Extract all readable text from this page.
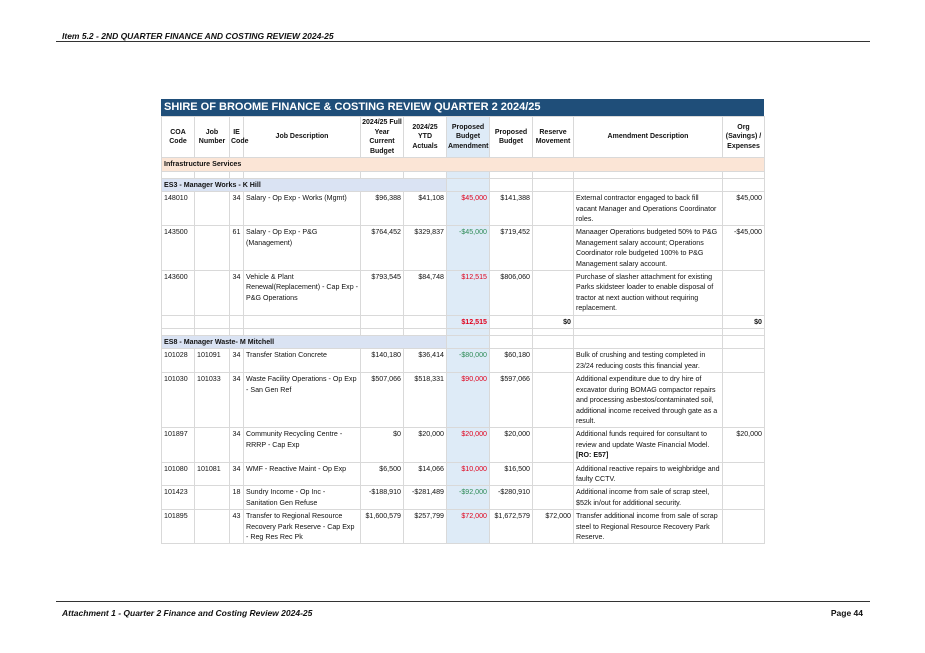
Item 5.2 - 2ND QUARTER FINANCE AND COSTING REVIEW 2024-25
SHIRE OF BROOME FINANCE & COSTING REVIEW QUARTER 2 2024/25
COA Code	Job Number	IE Code	Job Description	2024/25 Full Year Current Budget	2024/25 YTD Actuals	Proposed Budget Amendment	Proposed Budget	Reserve Movement	Amendment Description	Org (Savings) / Expenses
Infrastructure Services										

ES3 - Manager Works - K Hill										
148010		34	Salary - Op Exp - Works (Mgmt)	$96,388	$41,108	$45,000	$141,388		External contractor engaged to back fill vacant Manager and Operations Coordinator roles.	$45,000
143500		61	Salary - Op Exp - P&G (Management)	$764,452	$329,837	-$45,000	$719,452		Manaager Operations budgeted 50% to P&G Management salary account; Operations Coordinator role budgeted 100% to P&G Management salary account.	-$45,000
143600		34	Vehicle & Plant Renewal(Replacement) - Cap Exp - P&G Operations	$793,545	$84,748	$12,515	$806,060		Purchase of slasher attachment for existing Parks skidsteer loader to enable disposal of tractor at next auction without requiring replacement.	
						$12,515		$0		$0

ES8 - Manager Waste- M Mitchell										
101028	101091	34	Transfer Station Concrete	$140,180	$36,414	-$80,000	$60,180		Bulk of crushing and testing completed in 23/24 reducing costs this financial year.	
101030	101033	34	Waste Facility Operations - Op Exp - San Gen Ref	$507,066	$518,331	$90,000	$597,066		Additional expenditure due to dry hire of excavator during BOMAG compactor repairs and processing asbestos/contaminated soil, additional income received through gate as a result.	
101897		34	Community Recycling Centre - RRRP - Cap Exp	$0	$20,000	$20,000	$20,000		Additional funds required for consultant to review and update Waste Financial Model. [RO: E57]	$20,000
101080	101081	34	WMF - Reactive Maint - Op Exp	$6,500	$14,066	$10,000	$16,500		Additional reactive repairs to weighbridge and faulty CCTV.	
101423		18	Sundry Income - Op Inc - Sanitation Gen Refuse	-$188,910	-$281,489	-$92,000	-$280,910		Additional income from sale of scrap steel, $52k in/out for additional security.	
101895		43	Transfer to Regional Resource Recovery Park Reserve - Cap Exp - Reg Res Rec Pk	$1,600,579	$257,799	$72,000	$1,672,579	$72,000	Transfer additional income from sale of scrap steel to Regional Resource Recovery Park Reserve.	
Attachment 1 - Quarter 2 Finance and Costing Review 2024-25	Page 44
